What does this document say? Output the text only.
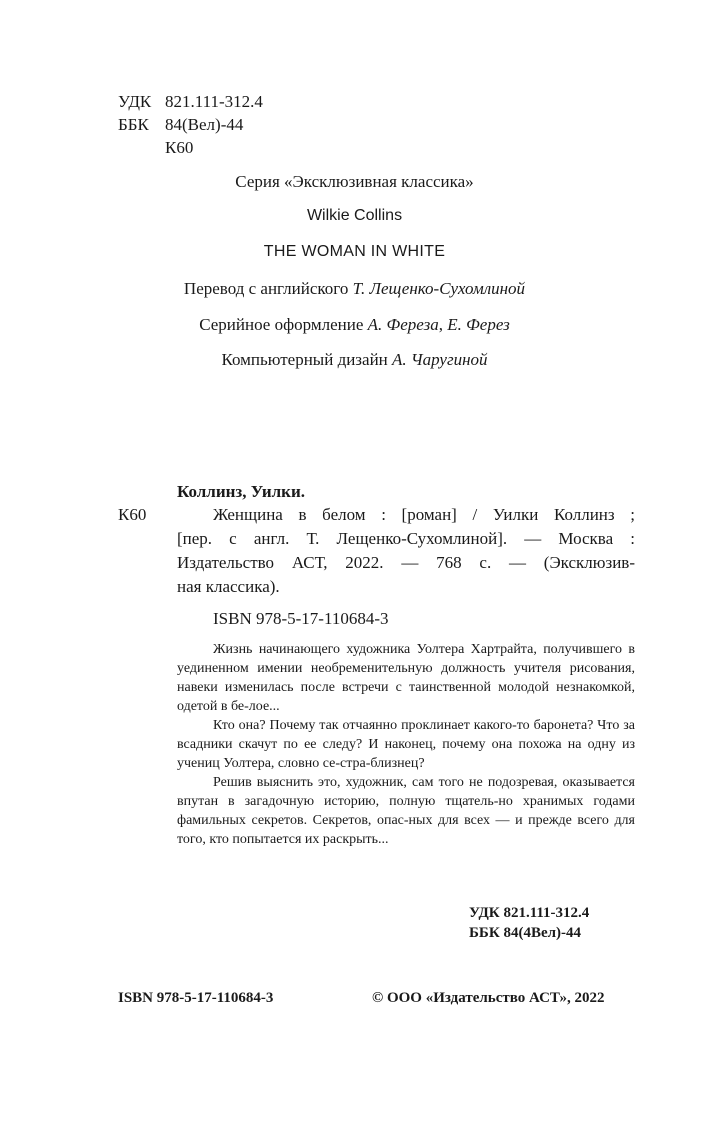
УДК 821.111-312.4
ББК 84(Вел)-44
К60
Серия «Эксклюзивная классика»
Wilkie Collins
THE WOMAN IN WHITE
Перевод с английского Т. Лещенко-Сухомлиной
Серийное оформление А. Фереза, Е. Ферез
Компьютерный дизайн А. Чаругиной
Коллинз, Уилки.
К60	Женщина в белом : [роман] / Уилки Коллинз ;
[пер. с англ. Т. Лещенко-Сухомлиной]. — Москва :
Издательство АСТ, 2022. — 768 с. — (Эксклюзив-
ная классика).
ISBN 978-5-17-110684-3

Жизнь начинающего художника Уолтера Хартрайта, получившего в уединенном имении необременительную должность учителя рисования, навеки изменилась после встречи с таинственной молодой незнакомкой, одетой в бе-лое...

Кто она? Почему так отчаянно проклинает какого-то баронета? Что за всадники скачут по ее следу? И наконец, почему она похожа на одну из учениц Уолтера, словно се-стра-близнец?

Решив выяснить это, художник, сам того не подозревая, оказывается впутан в загадочную историю, полную тщатель-но хранимых годами фамильных секретов. Секретов, опас-ных для всех — и прежде всего для того, кто попытается их раскрыть...

УДК 821.111-312.4
ББК 84(4Вел)-44
ISBN 978-5-17-110684-3	© ООО «Издательство АСТ», 2022
